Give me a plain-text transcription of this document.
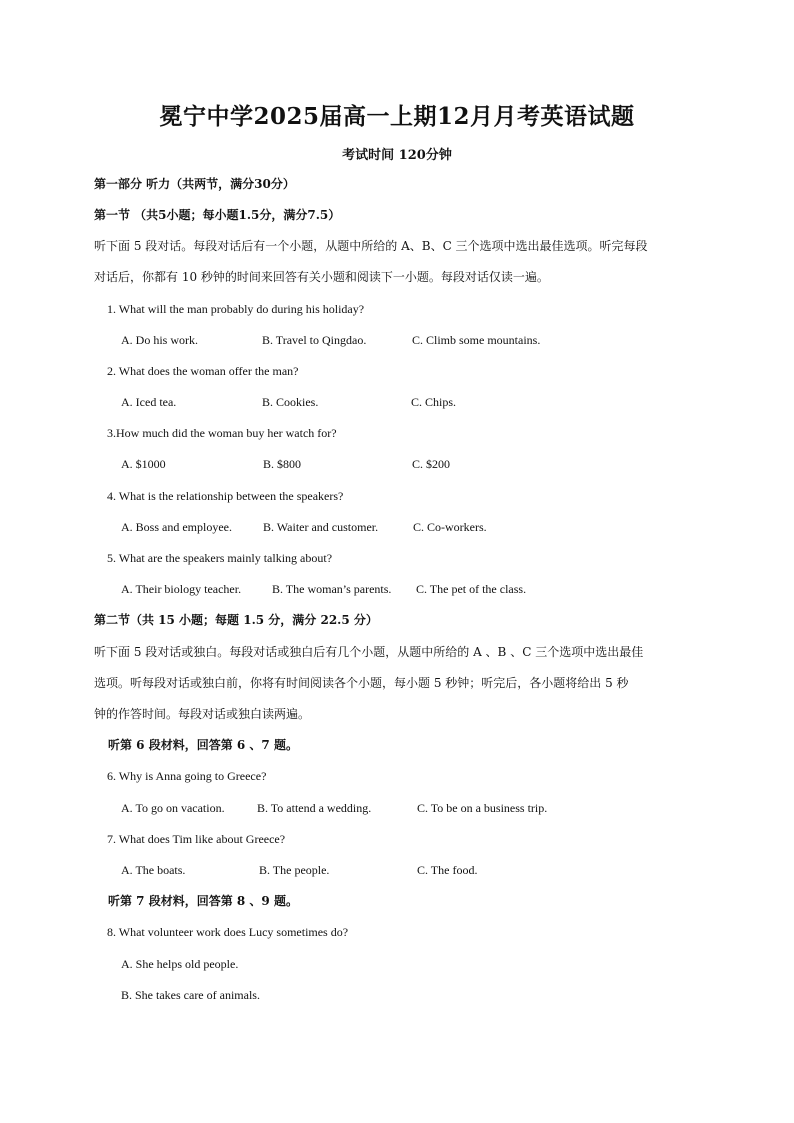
冕宁中学2025届高一上期12月月考英语试题
考试时间 120分钟
第一部分 听力（共两节，满分30分）
第一节 （共5小题；每小题1.5分，满分7.5）
听下面 5 段对话。每段对话后有一个小题，从题中所给的 A、B、C 三个选项中选出最佳选项。听完每段
对话后，你都有 10 秒钟的时间来回答有关小题和阅读下一小题。每段对话仅读一遍。
1. What will the man probably do during his holiday?
A. Do his work.	B. Travel to Qingdao.	C. Climb some mountains.
2. What does the woman offer the man?
A. Iced tea.	B. Cookies.	C. Chips.
3.How much did the woman buy her watch for?
A. $1000	B. $800	C. $200
4. What is the relationship between the speakers?
A. Boss and employee.	B. Waiter and customer.	C. Co-workers.
5. What are the speakers mainly talking about?
A. Their biology teacher.	B. The woman’s parents. C. The pet of the class.
第二节（共 15 小题；每题 1.5 分，满分 22.5 分）
听下面 5 段对话或独白。每段对话或独白后有几个小题，从题中所给的 A 、B 、C 三个选项中选出最佳
选项。听每段对话或独白前，你将有时间阅读各个小题，每小题 5 秒钟；听完后，各小题将给出 5 秒
钟的作答时间。每段对话或独白读两遍。
听第 6 段材料，回答第 6 、7 题。
6. Why is Anna going to Greece?
A. To go on vacation.	B. To attend a wedding.	C. To be on a business trip.
7. What does Tim like about Greece?
A. The boats.	B. The people.	C. The food.
听第 7 段材料，回答第 8 、9 题。
8. What volunteer work does Lucy sometimes do?
A. She helps old people.
B. She takes care of animals.
